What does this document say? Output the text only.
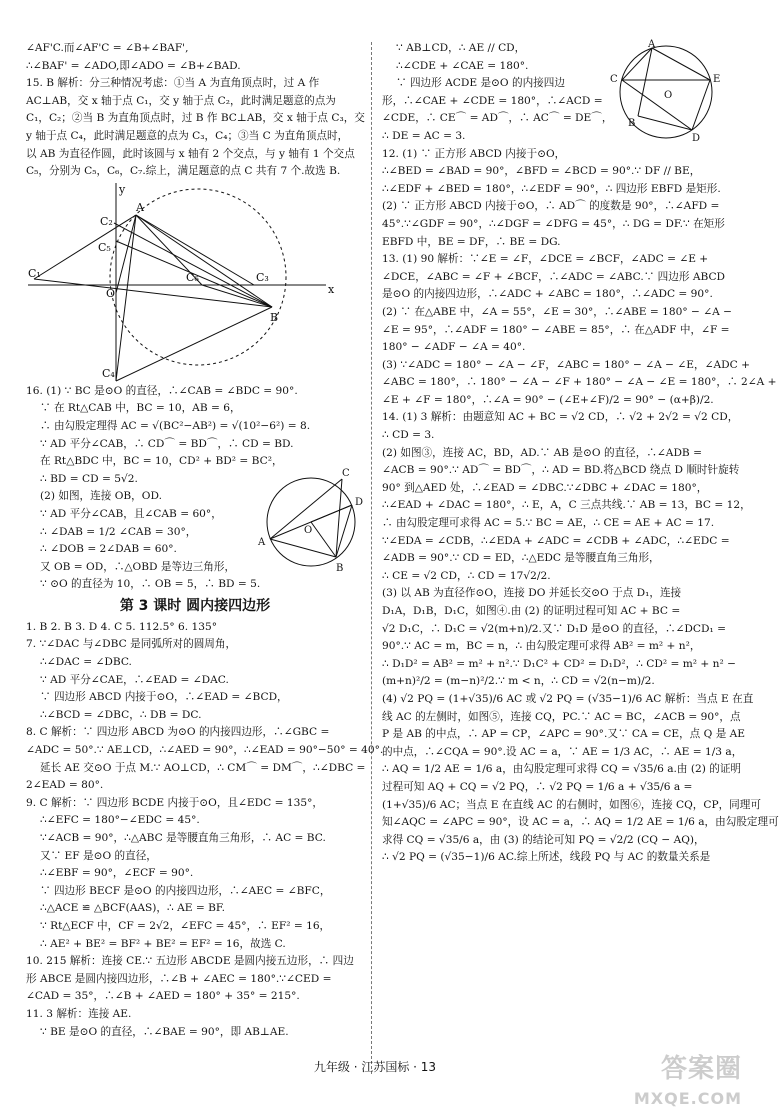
∠AF'C.而∠AF'C = ∠B+∠BAF',
∴∠BAF' = ∠ADO,即∠ADO = ∠B+∠BAD.
15. B 解析：分三种情况考虑：①当 A 为直角顶点时，过 A 作
AC⊥AB，交 x 轴于点 C₁，交 y 轴于点 C₂，此时满足题意的点为
C₁，C₂；②当 B 为直角顶点时，过 B 作 BC⊥AB，交 x 轴于点 C₃，交
y 轴于点 C₄，此时满足题意的点为 C₃，C₄；③当 C 为直角顶点时，
以 AB 为直径作圆，此时该圆与 x 轴有 2 个交点，与 y 轴有 1 个交点
C₅，分别为 C₅，C₆，C₇.综上，满足题意的点 C 共有 7 个.故选 B.
y
x
A
B
O
C₁
C₂
C₃
C₄
C₅
C₆
16. (1) ∵ BC 是⊙O 的直径，∴∠CAB = ∠BDC = 90°.
∵ 在 Rt△CAB 中，BC = 10，AB = 6，
∴ 由勾股定理得 AC = √(BC²−AB²) = √(10²−6²) = 8.
∵ AD 平分∠CAB，∴ CD⌒ = BD⌒，∴ CD = BD.
在 Rt△BDC 中，BC = 10，CD² + BD² = BC²，
∴ BD = CD = 5√2.
(2) 如图，连接 OB，OD.
∵ AD 平分∠CAB，且∠CAB = 60°，
∴ ∠DAB = 1/2 ∠CAB = 30°，
∴ ∠DOB = 2∠DAB = 60°.
又 OB = OD，∴△OBD 是等边三角形，
∵ ⊙O 的直径为 10，∴ OB = 5，∴ BD = 5.
C
A
O
D
B
第 3 课时 圆内接四边形
1. B 2. B 3. D 4. C 5. 112.5° 6. 135°
7. ∵∠DAC 与∠DBC 是同弧所对的圆周角，
∴∠DAC = ∠DBC.
∵ AD 平分∠CAE，∴∠EAD = ∠DAC.
∵ 四边形 ABCD 内接于⊙O，∴∠EAD = ∠BCD，
∴∠BCD = ∠DBC，∴ DB = DC.
8. C 解析：∵ 四边形 ABCD 为⊙O 的内接四边形，∴∠GBC =
∠ADC = 50°.∵ AE⊥CD，∴∠AED = 90°，∴∠EAD = 90°−50° = 40°.
延长 AE 交⊙O 于点 M.∵ AO⊥CD，∴ CM⌒ = DM⌒，∴∠DBC =
2∠EAD = 80°.
9. C 解析：∵ 四边形 BCDE 内接于⊙O，且∠EDC = 135°，
∴∠EFC = 180°−∠EDC = 45°.
∵∠ACB = 90°，∴△ABC 是等腰直角三角形，∴ AC = BC.
又∵ EF 是⊙O 的直径，
∴∠EBF = 90°，∠ECF = 90°.
∵ 四边形 BECF 是⊙O 的内接四边形，∴∠AEC = ∠BFC，
∴△ACE ≌ △BCF(AAS)，∴ AE = BF.
∵ Rt△ECF 中，CF = 2√2，∠EFC = 45°，∴ EF² = 16，
∴ AE² + BE² = BF² + BE² = EF² = 16，故选 C.
10. 215 解析：连接 CE.∵ 五边形 ABCDE 是圆内接五边形，∴ 四边
形 ABCE 是圆内接四边形，∴∠B + ∠AEC = 180°.∵∠CED =
∠CAD = 35°，∴∠B + ∠AED = 180° + 35° = 215°.
11. 3 解析：连接 AE.
∵ BE 是⊙O 的直径，∴∠BAE = 90°，即 AB⊥AE.
∵ AB⊥CD，∴ AE // CD，
∴∠CDE + ∠CAE = 180°.
∵ 四边形 ACDE 是⊙O 的内接四边
形，∴∠CAE + ∠CDE = 180°，∴∠ACD =
∠CDE，∴ CE⌒ = AD⌒，∴ AC⌒ = DE⌒，
∴ DE = AC = 3.
A
C	E
O
B
D
12. (1) ∵ 正方形 ABCD 内接于⊙O，
∴∠BED = ∠BAD = 90°，∠BFD = ∠BCD = 90°.∵ DF // BE，
∴∠EDF + ∠BED = 180°，∴∠EDF = 90°，∴ 四边形 EBFD 是矩形.
(2) ∵ 正方形 ABCD 内接于⊙O，∴ AD⌒ 的度数是 90°，∴∠AFD =
45°.∵∠GDF = 90°，∴∠DGF = ∠DFG = 45°，∴ DG = DF.∵ 在矩形
EBFD 中，BE = DF，∴ BE = DG.
13. (1) 90 解析：∵∠E = ∠F，∠DCE = ∠BCF，∠ADC = ∠E +
∠DCE，∠ABC = ∠F + ∠BCF，∴∠ADC = ∠ABC.∵ 四边形 ABCD
是⊙O 的内接四边形，∴∠ADC + ∠ABC = 180°，∴∠ADC = 90°.
(2) ∵ 在△ABE 中，∠A = 55°，∠E = 30°，∴∠ABE = 180° − ∠A −
∠E = 95°，∴∠ADF = 180° − ∠ABE = 85°，∴ 在△ADF 中，∠F =
180° − ∠ADF − ∠A = 40°.
(3) ∵∠ADC = 180° − ∠A − ∠F，∠ABC = 180° − ∠A − ∠E，∠ADC +
∠ABC = 180°，∴ 180° − ∠A − ∠F + 180° − ∠A − ∠E = 180°，∴ 2∠A +
∠E + ∠F = 180°，∴∠A = 90° − (∠E+∠F)/2 = 90° − (α+β)/2.
14. (1) 3 解析：由题意知 AC + BC = √2 CD，∴ √2 + 2√2 = √2 CD，
∴ CD = 3.
(2) 如图③，连接 AC，BD，AD.∵ AB 是⊙O 的直径，∴∠ADB =
∠ACB = 90°.∵ AD⌒ = BD⌒，∴ AD = BD.将△BCD 绕点 D 顺时针旋转
90° 到△AED 处，∴∠EAD = ∠DBC.∵∠DBC + ∠DAC = 180°，
∴∠EAD + ∠DAC = 180°，∴ E，A，C 三点共线.∵ AB = 13，BC = 12，
∴ 由勾股定理可求得 AC = 5.∵ BC = AE，∴ CE = AE + AC = 17.
∵∠EDA = ∠CDB，∴∠EDA + ∠ADC = ∠CDB + ∠ADC，∴∠EDC =
∠ADB = 90°.∵ CD = ED，∴△EDC 是等腰直角三角形，
∴ CE = √2 CD，∴ CD = 17√2/2.
(3) 以 AB 为直径作⊙O，连接 DO 并延长交⊙O 于点 D₁，连接
D₁A，D₁B，D₁C，如图④.由 (2) 的证明过程可知 AC + BC =
√2 D₁C，∴ D₁C = √2(m+n)/2.又∵ D₁D 是⊙O 的直径，∴∠DCD₁ =
90°.∵ AC = m，BC = n，∴ 由勾股定理可求得 AB² = m² + n²，
∴ D₁D² = AB² = m² + n².∵ D₁C² + CD² = D₁D²，∴ CD² = m² + n² −
(m+n)²/2 = (m−n)²/2.∵ m < n，∴ CD = √2(n−m)/2.
(4) √2 PQ = (1+√35)/6 AC 或 √2 PQ = (√35−1)/6 AC 解析：当点 E 在直
线 AC 的左侧时，如图⑤，连接 CQ，PC.∵ AC = BC，∠ACB = 90°，点
P 是 AB 的中点，∴ AP = CP，∠APC = 90°.又∵ CA = CE，点 Q 是 AE
的中点，∴∠CQA = 90°.设 AC = a，∵ AE = 1/3 AC，∴ AE = 1/3 a，
∴ AQ = 1/2 AE = 1/6 a，由勾股定理可求得 CQ = √35/6 a.由 (2) 的证明
过程可知 AQ + CQ = √2 PQ，∴ √2 PQ = 1/6 a + √35/6 a =
(1+√35)/6 AC；当点 E 在直线 AC 的右侧时，如图⑥，连接 CQ，CP，同理可
知∠AQC = ∠APC = 90°，设 AC = a，∴ AQ = 1/2 AE = 1/6 a，由勾股定理可
求得 CQ = √35/6 a，由 (3) 的结论可知 PQ = √2/2 (CQ − AQ)，
∴ √2 PQ = (√35−1)/6 AC.综上所述，线段 PQ 与 AC 的数量关系是
九年级 · 江苏国标 · 13	答案圈
MXQE.COM
